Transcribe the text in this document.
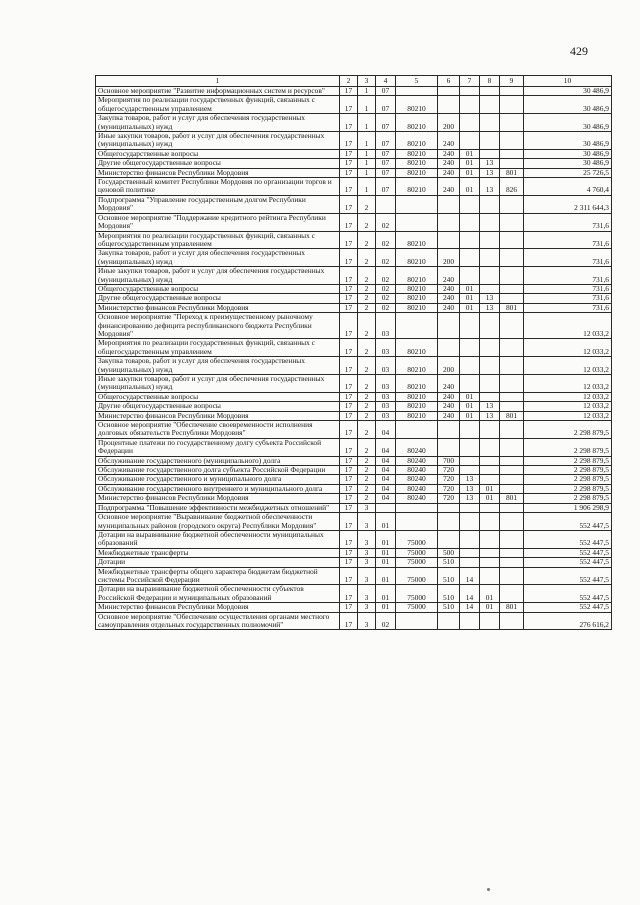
429
1	2	3	4	5	6	7	8	9	10
Основное мероприятие "Развитие информационных систем и ресурсов"	17	1	07						30 486,9
Мероприятия по реализации государственных функций, связанных с общегосударственным управлением	17	1	07	80210					30 486,9
Закупка товаров, работ и услуг для обеспечения государственных (муниципальных) нужд	17	1	07	80210	200				30 486,9
Иные закупки товаров, работ и услуг для обеспечения государственных (муниципальных) нужд	17	1	07	80210	240				30 486,9
Общегосударственные вопросы	17	1	07	80210	240	01			30 486,9
Другие общегосударственные вопросы	17	1	07	80210	240	01	13		30 486,9
Министерство финансов Республики Мордовия	17	1	07	80210	240	01	13	801	25 726,5
Государственный комитет Республики Мордовия по организации торгов и ценовой политике	17	1	07	80210	240	01	13	826	4 760,4
Подпрограмма "Управление государственным долгом Республики Мордовия"	17	2							2 311 644,3
Основное мероприятие "Поддержание кредитного рейтинга Республики Мордовия"	17	2	02						731,6
Мероприятия по реализации государственных функций, связанных с общегосударственным управлением	17	2	02	80210					731,6
Закупка товаров, работ и услуг для обеспечения государственных (муниципальных) нужд	17	2	02	80210	200				731,6
Иные закупки товаров, работ и услуг для обеспечения государственных (муниципальных) нужд	17	2	02	80210	240				731,6
Общегосударственные вопросы	17	2	02	80210	240	01			731,6
Другие общегосударственные вопросы	17	2	02	80210	240	01	13		731,6
Министерство финансов Республики Мордовия	17	2	02	80210	240	01	13	801	731,6
Основное мероприятие "Переход к преимущественному рыночному финансированию дефицита республиканского бюджета Республики Мордовия"	17	2	03						12 033,2
Мероприятия по реализации государственных функций, связанных с общегосударственным управлением	17	2	03	80210					12 033,2
Закупка товаров, работ и услуг для обеспечения государственных (муниципальных) нужд	17	2	03	80210	200				12 033,2
Иные закупки товаров, работ и услуг для обеспечения государственных (муниципальных) нужд	17	2	03	80210	240				12 033,2
Общегосударственные вопросы	17	2	03	80210	240	01			12 033,2
Другие общегосударственные вопросы	17	2	03	80210	240	01	13		12 033,2
Министерство финансов Республики Мордовия	17	2	03	80210	240	01	13	801	12 033,2
Основное мероприятие "Обеспечение своевременности исполнения долговых обязательств Республики Мордовия"	17	2	04						2 298 879,5
Процентные платежи по государственному долгу субъекта Российской Федерации	17	2	04	80240					2 298 879,5
Обслуживание государственного (муниципального) долга	17	2	04	80240	700				2 298 879,5
Обслуживание государственного долга субъекта Российской Федерации	17	2	04	80240	720				2 298 879,5
Обслуживание государственного и муниципального долга	17	2	04	80240	720	13			2 298 879,5
Обслуживание государственного внутреннего и муниципального долга	17	2	04	80240	720	13	01		2 298 879,5
Министерство финансов Республики Мордовия	17	2	04	80240	720	13	01	801	2 298 879,5
Подпрограмма "Повышение эффективности межбюджетных отношений"	17	3							1 906 298,9
Основное мероприятие "Выравнивание бюджетной обеспеченности муниципальных районов (городского округа) Республики Мордовия"	17	3	01						552 447,5
Дотации на выравнивание бюджетной обеспеченности муниципальных образований	17	3	01	75000					552 447,5
Межбюджетные трансферты	17	3	01	75000	500				552 447,5
Дотации	17	3	01	75000	510				552 447,5
Межбюджетные трансферты общего характера бюджетам бюджетной системы Российской Федерации	17	3	01	75000	510	14			552 447,5
Дотации на выравнивание бюджетной обеспеченности субъектов Российской Федерации и муниципальных образований	17	3	01	75000	510	14	01		552 447,5
Министерство финансов Республики Мордовия	17	3	01	75000	510	14	01	801	552 447,5
Основное мероприятие "Обеспечение осуществления органами местного самоуправления отдельных государственных полномочий"	17	3	02						276 616,2
